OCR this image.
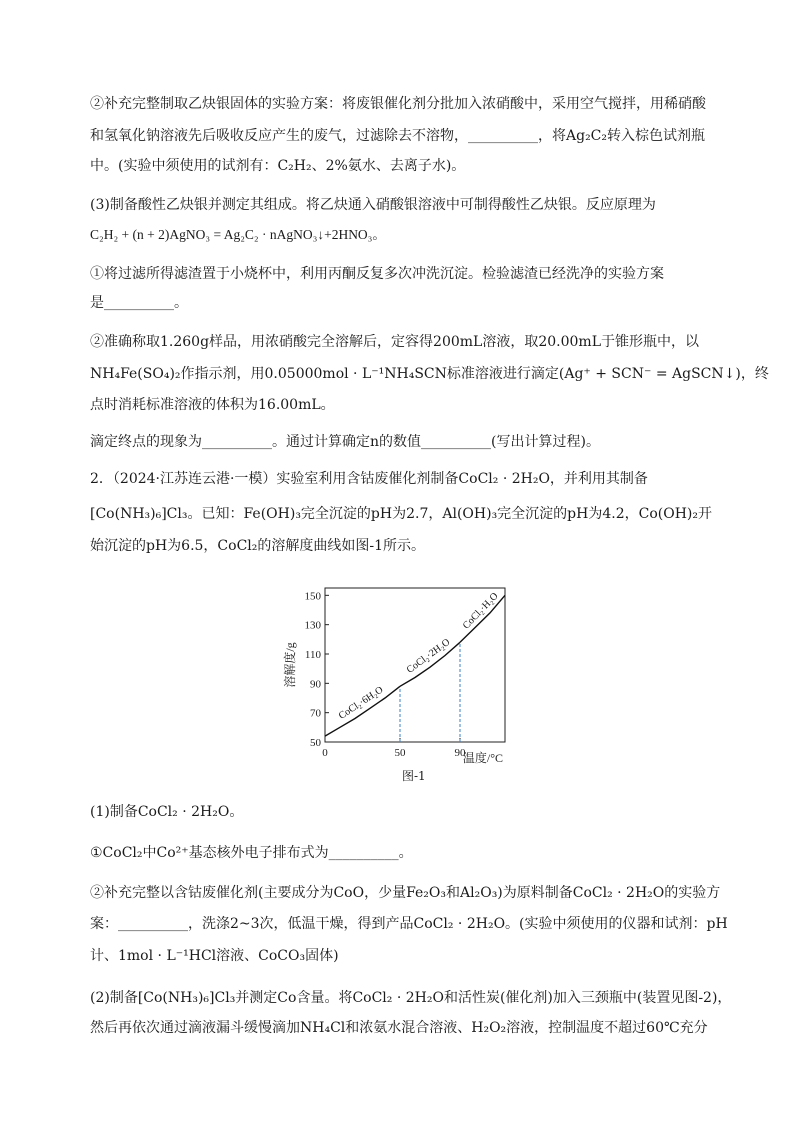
②补充完整制取乙炔银固体的实验方案：将废银催化剂分批加入浓硝酸中，采用空气搅拌，用稀硝酸
和氢氧化钠溶液先后吸收反应产生的废气，过滤除去不溶物，__________，将Ag₂C₂转入棕色试剂瓶
中。(实验中须使用的试剂有：C₂H₂、2%氨水、去离子水)。
(3)制备酸性乙炔银并测定其组成。将乙炔通入硝酸银溶液中可制得酸性乙炔银。反应原理为
C₂H₂ + (n + 2)AgNO₃ = Ag₂C₂ · nAgNO₃↓+2HNO₃。
①将过滤所得滤渣置于小烧杯中，利用丙酮反复多次冲洗沉淀。检验滤渣已经洗净的实验方案
是__________。
②准确称取1.260g样品，用浓硝酸完全溶解后，定容得200mL溶液，取20.00mL于锥形瓶中，以
NH₄Fe(SO₄)₂作指示剂，用0.05000mol · L⁻¹NH₄SCN标准溶液进行滴定(Ag⁺ + SCN⁻ = AgSCN↓)，终
点时消耗标准溶液的体积为16.00mL。
滴定终点的现象为__________。通过计算确定n的数值__________(写出计算过程)。
2．（2024·江苏连云港·一模）实验室利用含钴废催化剂制备CoCl₂ · 2H₂O，并利用其制备
[Co(NH₃)₆]Cl₃。已知：Fe(OH)₃完全沉淀的pH为2.7，Al(OH)₃完全沉淀的pH为4.2，Co(OH)₂开
始沉淀的pH为6.5，CoCl₂的溶解度曲线如图-1所示。
50
70
90
110
130
150
0	50	90
温度/°C
溶解度/g
CoCl₂·6H₂O
CoCl₂·2H₂O
CoCl₂·H₂O
图-1
(1)制备CoCl₂ · 2H₂O。
①CoCl₂中Co²⁺基态核外电子排布式为__________。
②补充完整以含钴废催化剂(主要成分为CoO，少量Fe₂O₃和Al₂O₃)为原料制备CoCl₂ · 2H₂O的实验方
案：__________，洗涤2~3次，低温干燥，得到产品CoCl₂ · 2H₂O。(实验中须使用的仪器和试剂：pH
计、1mol · L⁻¹HCl溶液、CoCO₃固体)
(2)制备[Co(NH₃)₆]Cl₃并测定Co含量。将CoCl₂ · 2H₂O和活性炭(催化剂)加入三颈瓶中(装置见图-2)，
然后再依次通过滴液漏斗缓慢滴加NH₄Cl和浓氨水混合溶液、H₂O₂溶液，控制温度不超过60℃充分
